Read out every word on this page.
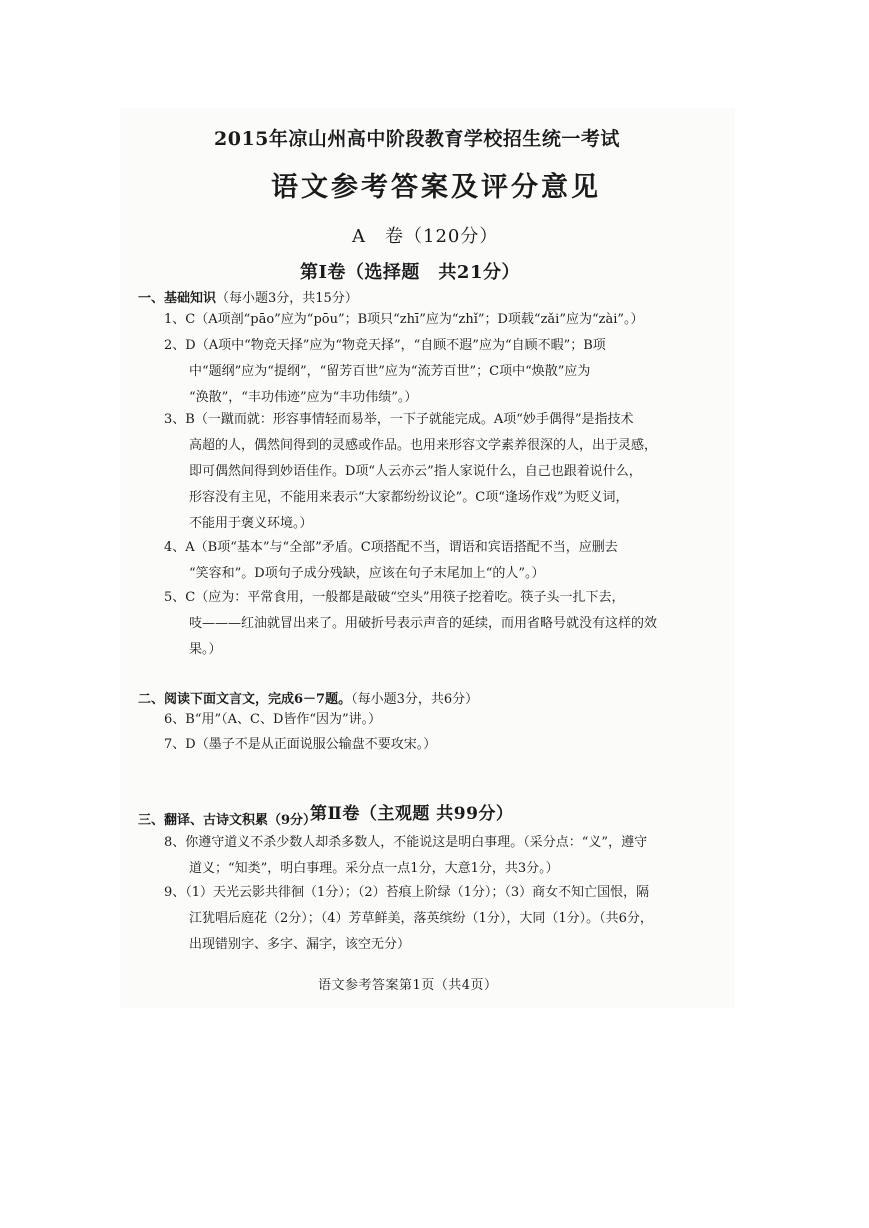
2015年凉山州高中阶段教育学校招生统一考试
语文参考答案及评分意见
A　卷（120分）
第Ⅰ卷（选择题　共21分）
一、基础知识（每小题3分，共15分）
1、C（A项剖“pāo”应为“pōu”；B项只“zhī”应为“zhǐ”；D项载“zǎi”应为“zài”。）
2、D（A项中“物竞天择”应为“物竞天择”，“自顾不遐”应为“自顾不暇”；B项
中“题纲”应为“提纲”，“留芳百世”应为“流芳百世”；C项中“焕散”应为
“涣散”，“丰功伟迹”应为“丰功伟绩”。）
3、B（一蹴而就：形容事情轻而易举，一下子就能完成。A项“妙手偶得”是指技术
高超的人，偶然间得到的灵感或作品。也用来形容文学素养很深的人，出于灵感，
即可偶然间得到妙语佳作。D项“人云亦云”指人家说什么，自己也跟着说什么，
形容没有主见，不能用来表示“大家都纷纷议论”。C项“逢场作戏”为贬义词，
不能用于褒义环境。）
4、A（B项“基本”与“全部”矛盾。C项搭配不当，谓语和宾语搭配不当，应删去
“笑容和”。D项句子成分残缺，应该在句子末尾加上“的人”。）
5、C（应为：平常食用，一般都是敲破“空头”用筷子挖着吃。筷子头一扎下去，
吱———红油就冒出来了。用破折号表示声音的延续，而用省略号就没有这样的效
果。）
二、阅读下面文言文，完成6－7题。（每小题3分，共6分）
6、B“用”（A、C、D皆作“因为”讲。）
7、D（墨子不是从正面说服公输盘不要攻宋。）
第Ⅱ卷（主观题 共99分）
三、翻译、古诗文积累（9分）
8、你遵守道义不杀少数人却杀多数人，不能说这是明白事理。（采分点：“义”，遵守
道义；“知类”，明白事理。采分点一点1分，大意1分，共3分。）
9、（1）天光云影共徘徊（1分）；（2）苔痕上阶绿（1分）；（3）商女不知亡国恨，隔
江犹唱后庭花（2分）；（4）芳草鲜美，落英缤纷（1分），大同（1分）。（共6分，
出现错别字、多字、漏字，该空无分）
语文参考答案第1页（共4页）
